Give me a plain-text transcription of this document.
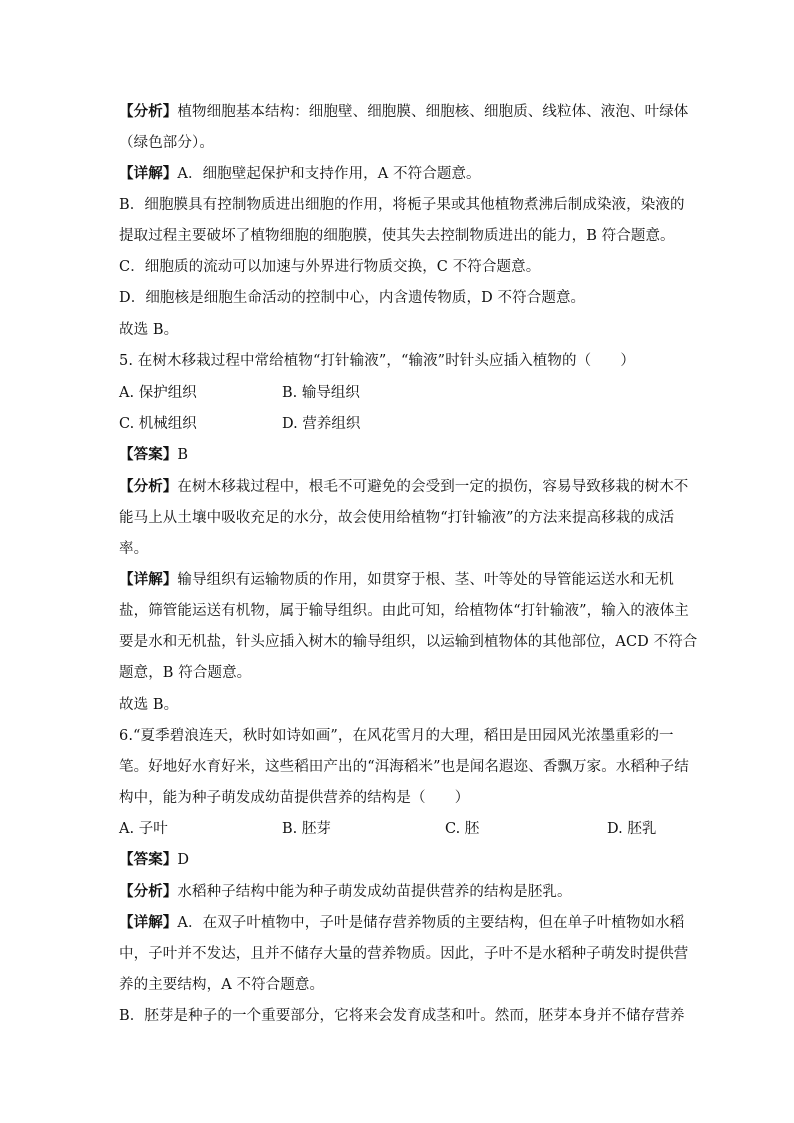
【分析】植物细胞基本结构：细胞壁、细胞膜、细胞核、细胞质、线粒体、液泡、叶绿体
（绿色部分）。
【详解】A．细胞壁起保护和支持作用，A 不符合题意。
B．细胞膜具有控制物质进出细胞的作用，将栀子果或其他植物煮沸后制成染液，染液的
提取过程主要破坏了植物细胞的细胞膜，使其失去控制物质进出的能力，B 符合题意。
C．细胞质的流动可以加速与外界进行物质交换，C 不符合题意。
D．细胞核是细胞生命活动的控制中心，内含遗传物质，D 不符合题意。
故选 B。
5. 在树木移栽过程中常给植物“打针输液”，“输液”时针头应插入植物的（　　）
A. 保护组织	B. 输导组织
C. 机械组织	D. 营养组织
【答案】B
【分析】在树木移栽过程中，根毛不可避免的会受到一定的损伤，容易导致移栽的树木不
能马上从土壤中吸收充足的水分，故会使用给植物“打针输液”的方法来提高移栽的成活
率。
【详解】输导组织有运输物质的作用，如贯穿于根、茎、叶等处的导管能运送水和无机
盐，筛管能运送有机物，属于输导组织。由此可知，给植物体“打针输液”，输入的液体主
要是水和无机盐，针头应插入树木的输导组织，以运输到植物体的其他部位，ACD 不符合
题意，B 符合题意。
故选 B。
6.“夏季碧浪连天，秋时如诗如画”，在风花雪月的大理，稻田是田园风光浓墨重彩的一
笔。好地好水育好米，这些稻田产出的“洱海稻米”也是闻名遐迩、香飘万家。水稻种子结
构中，能为种子萌发成幼苗提供营养的结构是（　　）
A. 子叶	B. 胚芽	C. 胚	D. 胚乳
【答案】D
【分析】水稻种子结构中能为种子萌发成幼苗提供营养的结构是胚乳。
【详解】A．在双子叶植物中，子叶是储存营养物质的主要结构，但在单子叶植物如水稻
中，子叶并不发达，且并不储存大量的营养物质。因此，子叶不是水稻种子萌发时提供营
养的主要结构，A 不符合题意。
B．胚芽是种子的一个重要部分，它将来会发育成茎和叶。然而，胚芽本身并不储存营养
